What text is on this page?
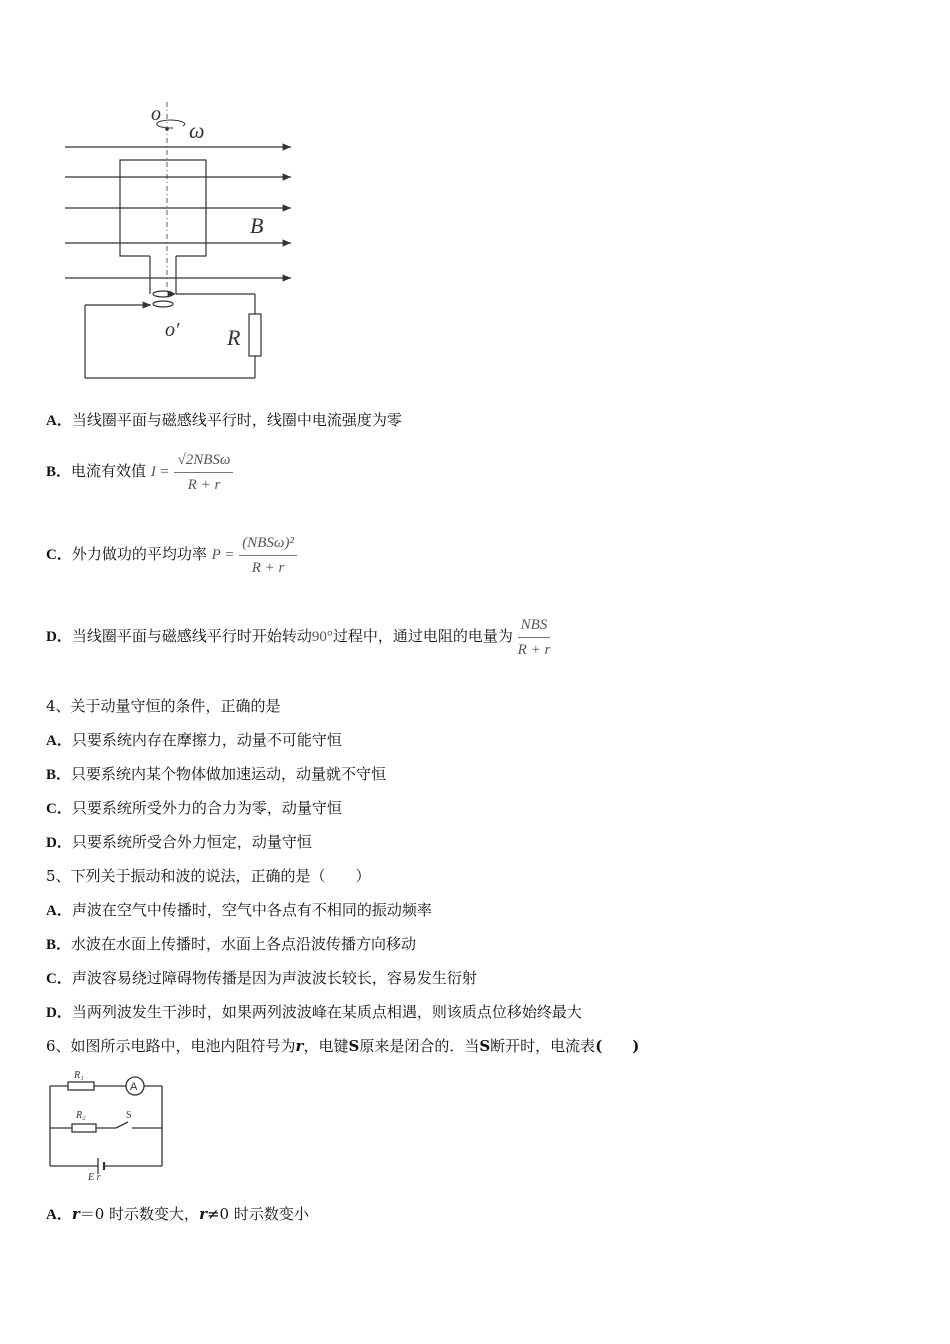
o
ω
B
o′ R
A．当线圈平面与磁感线平行时，线圈中电流强度为零
B．电流有效值 $I = \frac{\text{√2NBSω}}{R + r}$
C．外力做功的平均功率 $P = \frac{\text{(NBSω)²}}{R + r}$
D．当线圈平面与磁感线平行时开始转动90°过程中，通过电阻的电量为 $\frac{\text{NBS}}{R + r}$
4、关于动量守恒的条件，正确的是
A．只要系统内存在摩擦力，动量不可能守恒
B．只要系统内某个物体做加速运动，动量就不守恒
C．只要系统所受外力的合力为零，动量守恒
D．只要系统所受合外力恒定，动量守恒
5、下列关于振动和波的说法，正确的是（　　）
A．声波在空气中传播时，空气中各点有不相同的振动频率
B．水波在水面上传播时，水面上各点沿波传播方向移动
C．声波容易绕过障碍物传播是因为声波波长较长，容易发生衍射
D．当两列波发生干涉时，如果两列波波峰在某质点相遇，则该质点位移始终最大
6、如图所示电路中，电池内阻符号为r，电键S原来是闭合的．当S断开时，电流表(　　)
R₁
A
R₂	S
E r
A．r＝0 时示数变大，r≠0 时示数变小
